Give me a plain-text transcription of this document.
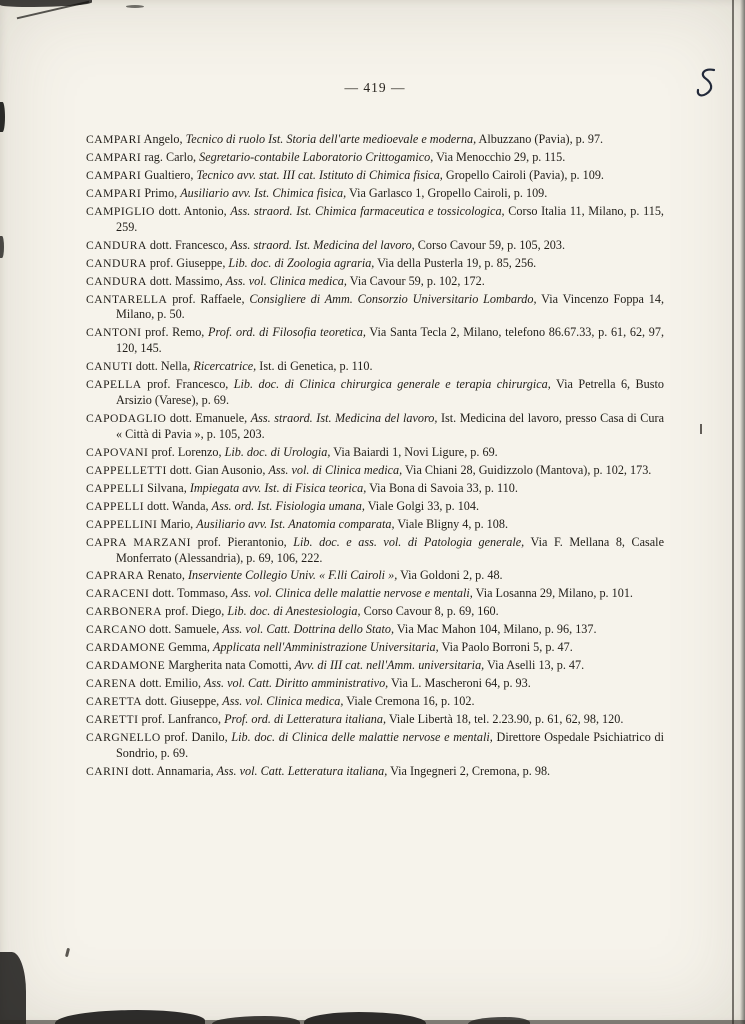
— 419 —

CAMPARI Angelo, Tecnico di ruolo Ist. Storia dell'arte medioevale e moderna, Albuzzano (Pavia), p. 97.

CAMPARI rag. Carlo, Segretario-contabile Laboratorio Crittogamico, Via Menocchio 29, p. 115.

CAMPARI Gualtiero, Tecnico avv. stat. III cat. Istituto di Chimica fisica, Gropello Cairoli (Pavia), p. 109.

CAMPARI Primo, Ausiliario avv. Ist. Chimica fisica, Via Garlasco 1, Gropello Cairoli, p. 109.

CAMPIGLIO dott. Antonio, Ass. straord. Ist. Chimica farmaceutica e tossicologica, Corso Italia 11, Milano, p. 115, 259.

CANDURA dott. Francesco, Ass. straord. Ist. Medicina del lavoro, Corso Cavour 59, p. 105, 203.

CANDURA prof. Giuseppe, Lib. doc. di Zoologia agraria, Via della Pusterla 19, p. 85, 256.

CANDURA dott. Massimo, Ass. vol. Clinica medica, Via Cavour 59, p. 102, 172.

CANTARELLA prof. Raffaele, Consigliere di Amm. Consorzio Universitario Lombardo, Via Vincenzo Foppa 14, Milano, p. 50.

CANTONI prof. Remo, Prof. ord. di Filosofia teoretica, Via Santa Tecla 2, Milano, telefono 86.67.33, p. 61, 62, 97, 120, 145.

CANUTI dott. Nella, Ricercatrice, Ist. di Genetica, p. 110.

CAPELLA prof. Francesco, Lib. doc. di Clinica chirurgica generale e terapia chirurgica, Via Petrella 6, Busto Arsizio (Varese), p. 69.

CAPODAGLIO dott. Emanuele, Ass. straord. Ist. Medicina del lavoro, Ist. Medicina del lavoro, presso Casa di Cura « Città di Pavia », p. 105, 203.

CAPOVANI prof. Lorenzo, Lib. doc. di Urologia, Via Baiardi 1, Novi Ligure, p. 69.

CAPPELLETTI dott. Gian Ausonio, Ass. vol. di Clinica medica, Via Chiani 28, Guidizzolo (Mantova), p. 102, 173.

CAPPELLI Silvana, Impiegata avv. Ist. di Fisica teorica, Via Bona di Savoia 33, p. 110.

CAPPELLI dott. Wanda, Ass. ord. Ist. Fisiologia umana, Viale Golgi 33, p. 104.

CAPPELLINI Mario, Ausiliario avv. Ist. Anatomia comparata, Viale Bligny 4, p. 108.

CAPRA MARZANI prof. Pierantonio, Lib. doc. e ass. vol. di Patologia generale, Via F. Mellana 8, Casale Monferrato (Alessandria), p. 69, 106, 222.

CAPRARA Renato, Inserviente Collegio Univ. « F.lli Cairoli », Via Goldoni 2, p. 48.

CARACENI dott. Tommaso, Ass. vol. Clinica delle malattie nervose e mentali, Via Losanna 29, Milano, p. 101.

CARBONERA prof. Diego, Lib. doc. di Anestesiologia, Corso Cavour 8, p. 69, 160.

CARCANO dott. Samuele, Ass. vol. Catt. Dottrina dello Stato, Via Mac Mahon 104, Milano, p. 96, 137.

CARDAMONE Gemma, Applicata nell'Amministrazione Universitaria, Via Paolo Borroni 5, p. 47.

CARDAMONE Margherita nata Comotti, Avv. di III cat. nell'Amm. universitaria, Via Aselli 13, p. 47.

CARENA dott. Emilio, Ass. vol. Catt. Diritto amministrativo, Via L. Mascheroni 64, p. 93.

CARETTA dott. Giuseppe, Ass. vol. Clinica medica, Viale Cremona 16, p. 102.

CARETTI prof. Lanfranco, Prof. ord. di Letteratura italiana, Viale Libertà 18, tel. 2.23.90, p. 61, 62, 98, 120.

CARGNELLO prof. Danilo, Lib. doc. di Clinica delle malattie nervose e mentali, Direttore Ospedale Psichiatrico di Sondrio, p. 69.

CARINI dott. Annamaria, Ass. vol. Catt. Letteratura italiana, Via Ingegneri 2, Cremona, p. 98.
